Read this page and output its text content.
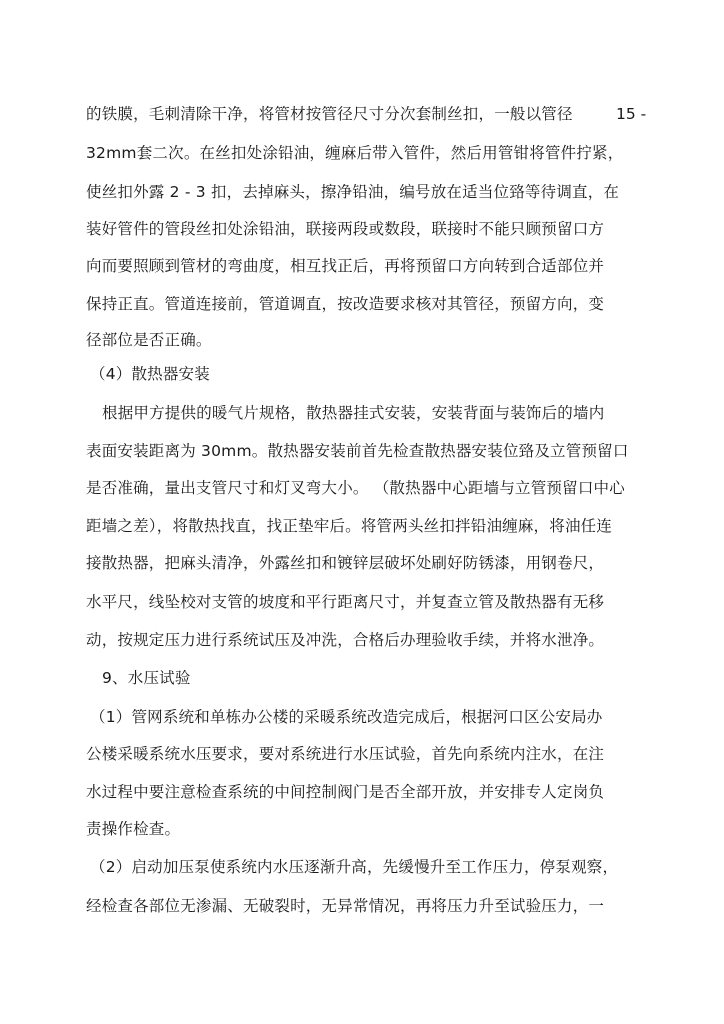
的铁膜，毛刺清除干净，将管材按管径尺寸分次套制丝扣，一般以管径	15 -
32mm套二次。在丝扣处涂铅油，缠麻后带入管件，然后用管钳将管件拧紧，
使丝扣外露 2 - 3 扣，去掉麻头，擦净铅油，编号放在适当位臵等待调直，在
装好管件的管段丝扣处涂铅油，联接两段或数段，联接时不能只顾预留口方
向而要照顾到管材的弯曲度，相互找正后，再将预留口方向转到合适部位并
保持正直。管道连接前，管道调直，按改造要求核对其管径，预留方向，变
径部位是否正确。
（4）散热器安装
根据甲方提供的暖气片规格，散热器挂式安装，安装背面与装饰后的墙内
表面安装距离为 30mm。散热器安装前首先检查散热器安装位臵及立管预留口
是否准确，量出支管尺寸和灯叉弯大小。 （散热器中心距墙与立管预留口中心
距墙之差），将散热找直，找正垫牢后。将管两头丝扣拌铅油缠麻，将油任连
接散热器，把麻头清净，外露丝扣和镀锌层破坏处刷好防锈漆，用钢卷尺，
水平尺，线坠校对支管的坡度和平行距离尺寸，并复查立管及散热器有无移
动，按规定压力进行系统试压及冲洗，合格后办理验收手续，并将水泄净。
9、水压试验
（1）管网系统和单栋办公楼的采暖系统改造完成后，根据河口区公安局办
公楼采暖系统水压要求，要对系统进行水压试验，首先向系统内注水，在注
水过程中要注意检查系统的中间控制阀门是否全部开放，并安排专人定岗负
责操作检查。
（2）启动加压泵使系统内水压逐渐升高，先缓慢升至工作压力，停泵观察，
经检查各部位无渗漏、无破裂时，无异常情况，再将压力升至试验压力，一
